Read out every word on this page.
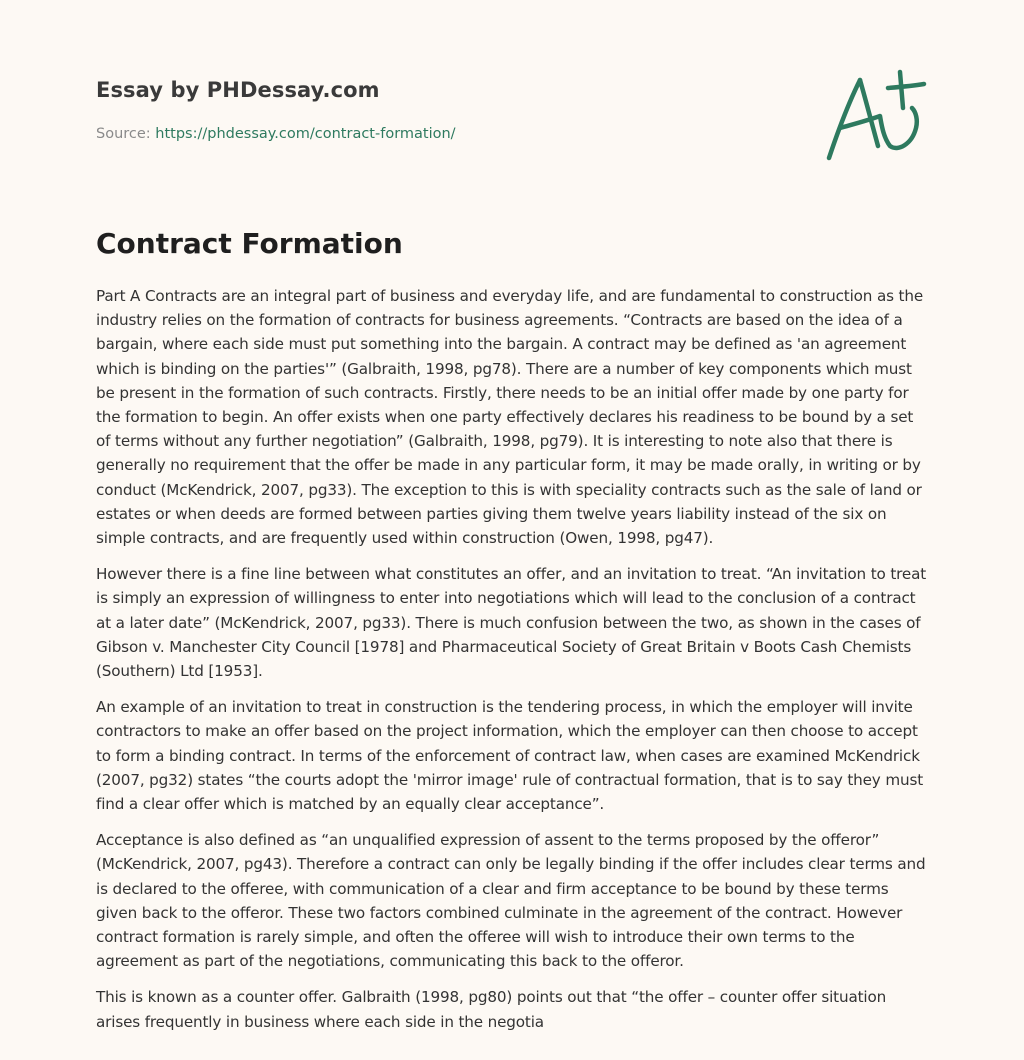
Essay by PHDessay.com
Source: https://phdessay.com/contract-formation/
Contract Formation

Part A Contracts are an integral part of business and everyday life, and are fundamental to construction as the industry relies on the formation of contracts for business agreements. “Contracts are based on the idea of a bargain, where each side must put something into the bargain. A contract may be defined as 'an agreement which is binding on the parties'” (Galbraith, 1998, pg78). There are a number of key components which must be present in the formation of such contracts. Firstly, there needs to be an initial offer made by one party for the formation to begin. An offer exists when one party effectively declares his readiness to be bound by a set of terms without any further negotiation” (Galbraith, 1998, pg79). It is interesting to note also that there is generally no requirement that the offer be made in any particular form, it may be made orally, in writing or by conduct (McKendrick, 2007, pg33). The exception to this is with speciality contracts such as the sale of land or estates or when deeds are formed between parties giving them twelve years liability instead of the six on simple contracts, and are frequently used within construction (Owen, 1998, pg47).

However there is a fine line between what constitutes an offer, and an invitation to treat. “An invitation to treat is simply an expression of willingness to enter into negotiations which will lead to the conclusion of a contract at a later date” (McKendrick, 2007, pg33). There is much confusion between the two, as shown in the cases of Gibson v. Manchester City Council [1978] and Pharmaceutical Society of Great Britain v Boots Cash Chemists (Southern) Ltd [1953].

An example of an invitation to treat in construction is the tendering process, in which the employer will invite contractors to make an offer based on the project information, which the employer can then choose to accept to form a binding contract. In terms of the enforcement of contract law, when cases are examined McKendrick (2007, pg32) states “the courts adopt the 'mirror image' rule of contractual formation, that is to say they must find a clear offer which is matched by an equally clear acceptance”.

Acceptance is also defined as “an unqualified expression of assent to the terms proposed by the offeror” (McKendrick, 2007, pg43). Therefore a contract can only be legally binding if the offer includes clear terms and is declared to the offeree, with communication of a clear and firm acceptance to be bound by these terms given back to the offeror. These two factors combined culminate in the agreement of the contract. However contract formation is rarely simple, and often the offeree will wish to introduce their own terms to the agreement as part of the negotiations, communicating this back to the offeror.

This is known as a counter offer. Galbraith (1998, pg80) points out that “the offer – counter offer situation arises frequently in business where each side in the negotia
